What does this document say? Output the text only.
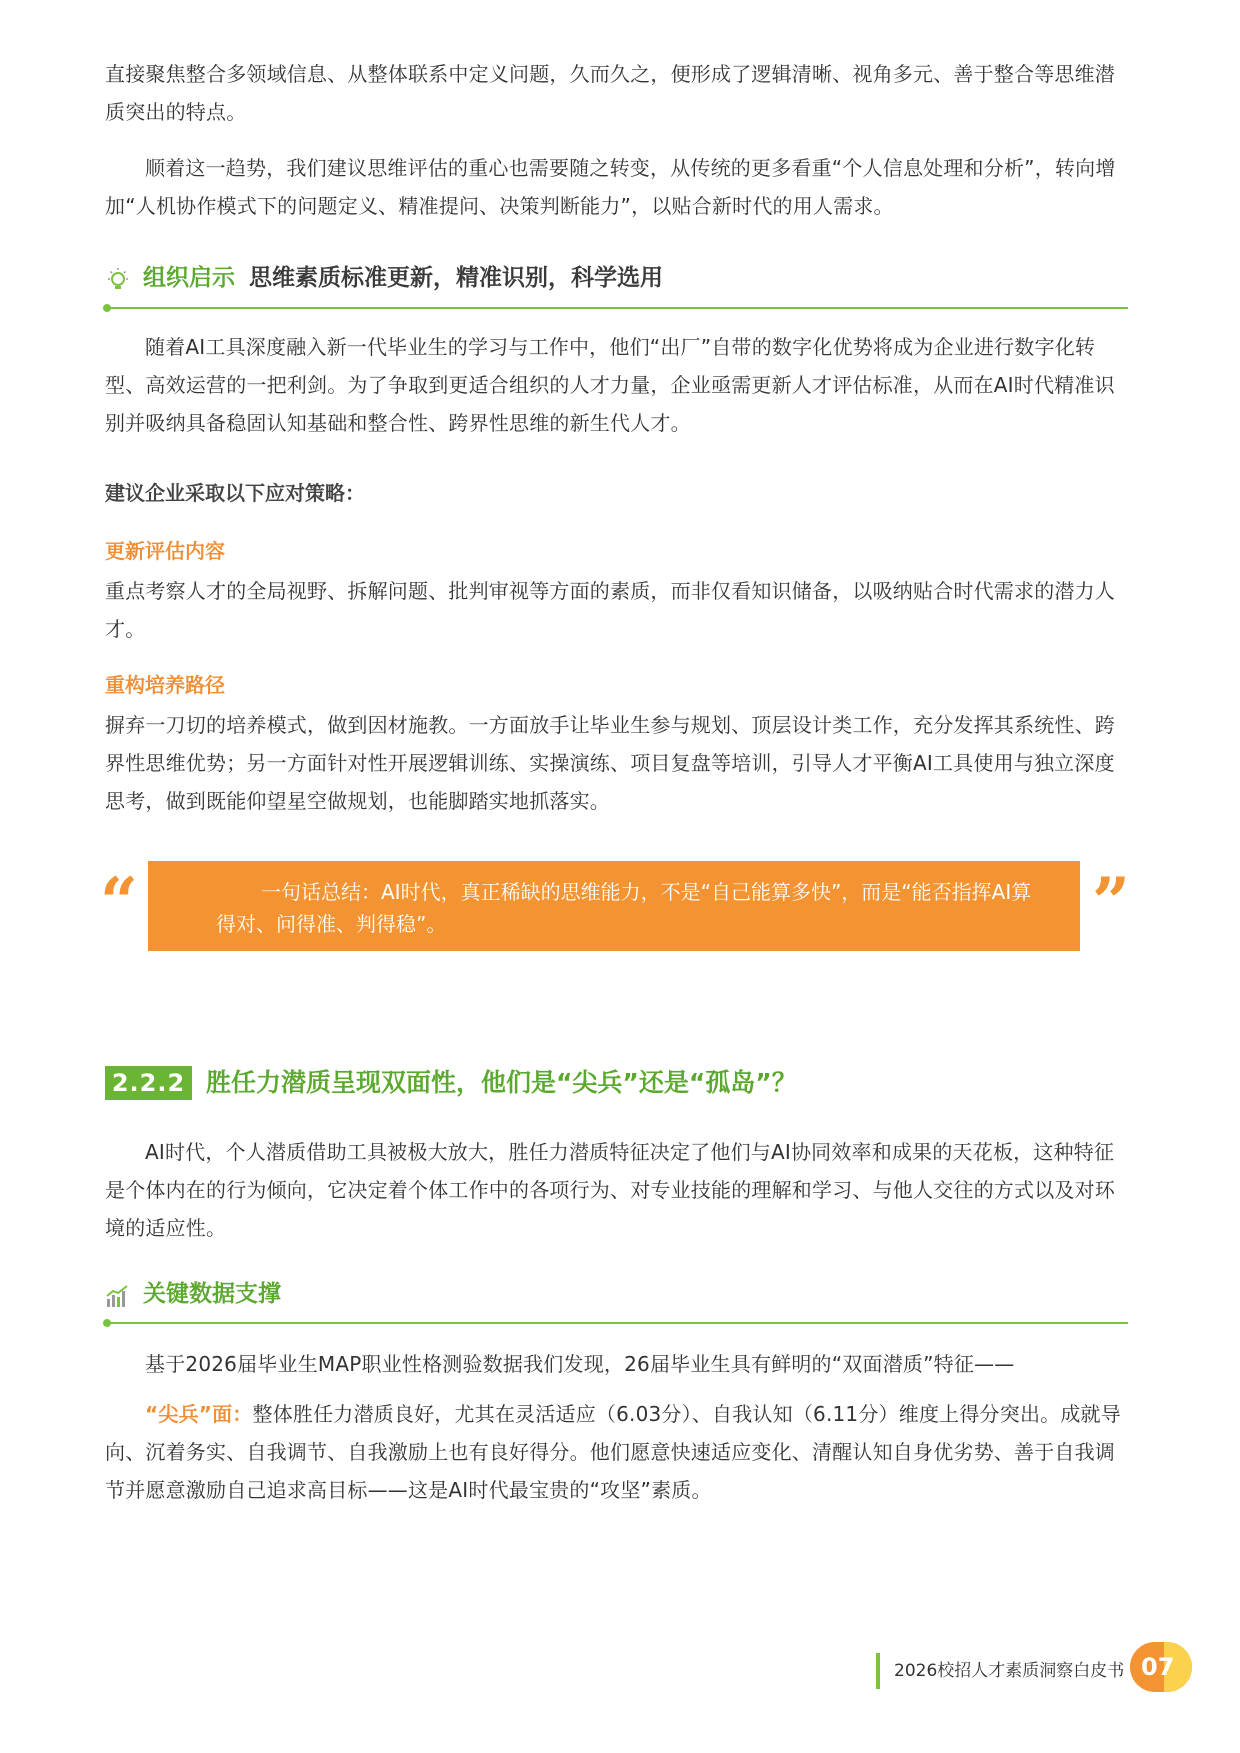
直接聚焦整合多领域信息、从整体联系中定义问题，久而久之，便形成了逻辑清晰、视角多元、善于整合等思维潜质突出的特点。

顺着这一趋势，我们建议思维评估的重心也需要随之转变，从传统的更多看重“个人信息处理和分析”，转向增加“人机协作模式下的问题定义、精准提问、决策判断能力”，以贴合新时代的用人需求。

组织启示 思维素质标准更新，精准识别，科学选用

随着AI工具深度融入新一代毕业生的学习与工作中，他们“出厂”自带的数字化优势将成为企业进行数字化转型、高效运营的一把利剑。为了争取到更适合组织的人才力量，企业亟需更新人才评估标准，从而在AI时代精准识别并吸纳具备稳固认知基础和整合性、跨界性思维的新生代人才。

建议企业采取以下应对策略：
更新评估内容

重点考察人才的全局视野、拆解问题、批判审视等方面的素质，而非仅看知识储备，以吸纳贴合时代需求的潜力人才。

重构培养路径

摒弃一刀切的培养模式，做到因材施教。一方面放手让毕业生参与规划、顶层设计类工作，充分发挥其系统性、跨界性思维优势；另一方面针对性开展逻辑训练、实操演练、项目复盘等培训，引导人才平衡AI工具使用与独立深度思考，做到既能仰望星空做规划，也能脚踏实地抓落实。

“	一句话总结：AI时代，真正稀缺的思维能力，不是“自己能算多快”，而是“能否指挥AI算得对、问得准、判得稳”。	”
2.2.2 胜任力潜质呈现双面性，他们是“尖兵”还是“孤岛”？

AI时代，个人潜质借助工具被极大放大，胜任力潜质特征决定了他们与AI协同效率和成果的天花板，这种特征是个体内在的行为倾向，它决定着个体工作中的各项行为、对专业技能的理解和学习、与他人交往的方式以及对环境的适应性。

关键数据支撑

基于2026届毕业生MAP职业性格测验数据我们发现，26届毕业生具有鲜明的“双面潜质”特征——

“尖兵”面：整体胜任力潜质良好，尤其在灵活适应（6.03分）、自我认知（6.11分）维度上得分突出。成就导向、沉着务实、自我调节、自我激励上也有良好得分。他们愿意快速适应变化、清醒认知自身优劣势、善于自我调节并愿意激励自己追求高目标——这是AI时代最宝贵的“攻坚”素质。

2026校招人才素质洞察白皮书 07
